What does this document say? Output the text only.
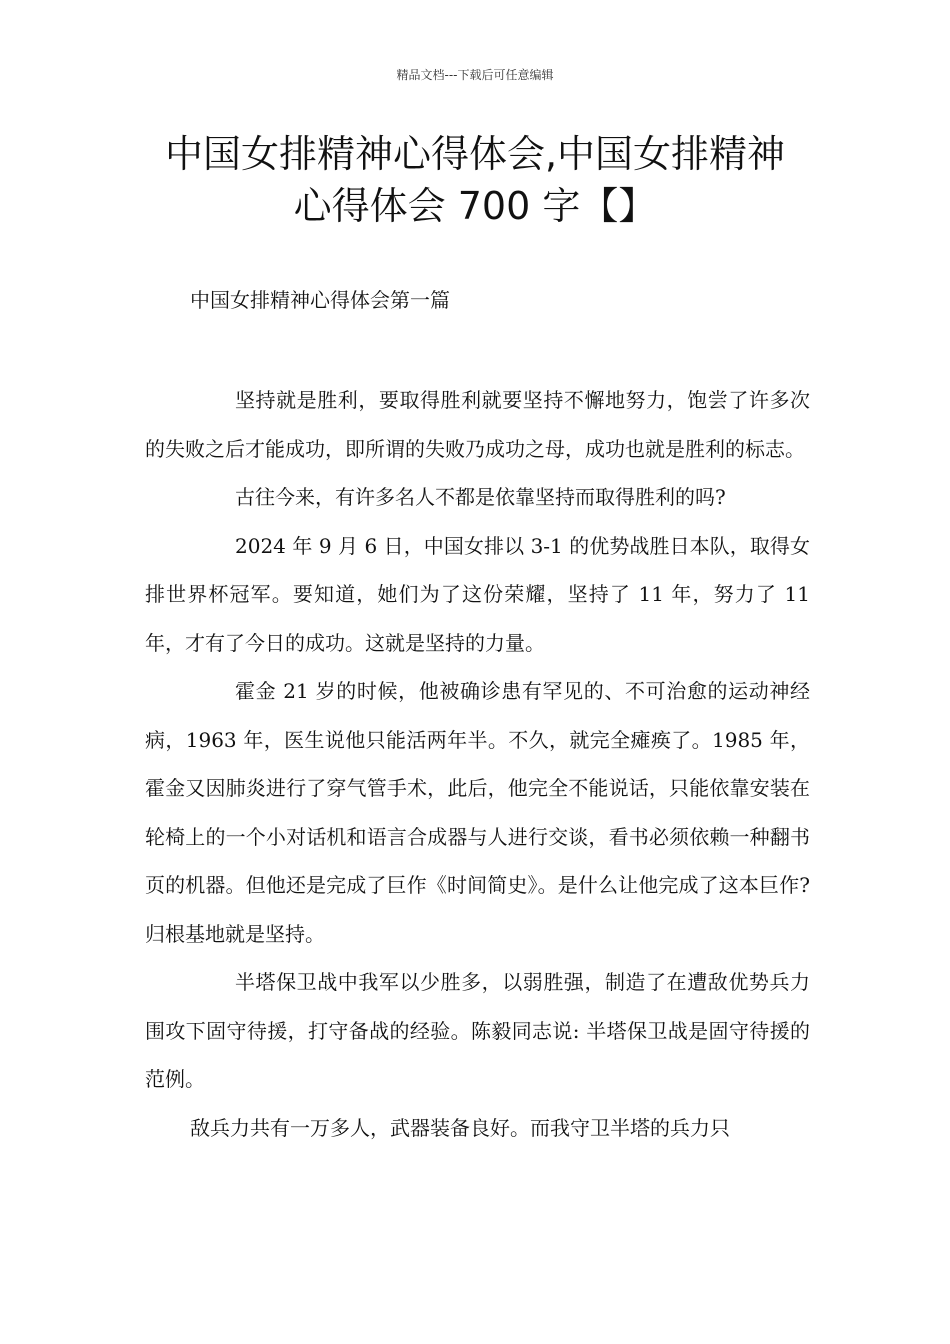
精品文档---下载后可任意编辑
中国女排精神心得体会,中国女排精神
心得体会 700 字【】
中国女排精神心得体会第一篇

坚持就是胜利，要取得胜利就要坚持不懈地努力，饱尝了许多次的失败之后才能成功，即所谓的失败乃成功之母，成功也就是胜利的标志。

古往今来，有许多名人不都是依靠坚持而取得胜利的吗?

2024 年 9 月 6 日，中国女排以 3-1 的优势战胜日本队，取得女排世界杯冠军。要知道，她们为了这份荣耀，坚持了 11 年，努力了 11 年，才有了今日的成功。这就是坚持的力量。

霍金 21 岁的时候，他被确诊患有罕见的、不可治愈的运动神经病，1963 年，医生说他只能活两年半。不久，就完全瘫痪了。1985 年，霍金又因肺炎进行了穿气管手术，此后，他完全不能说话，只能依靠安装在轮椅上的一个小对话机和语言合成器与人进行交谈，看书必须依赖一种翻书页的机器。但他还是完成了巨作《时间简史》。是什么让他完成了这本巨作?归根基地就是坚持。

半塔保卫战中我军以少胜多，以弱胜强，制造了在遭敌优势兵力围攻下固守待援，打守备战的经验。陈毅同志说: 半塔保卫战是固守待援的范例。

敌兵力共有一万多人，武器装备良好。而我守卫半塔的兵力只
